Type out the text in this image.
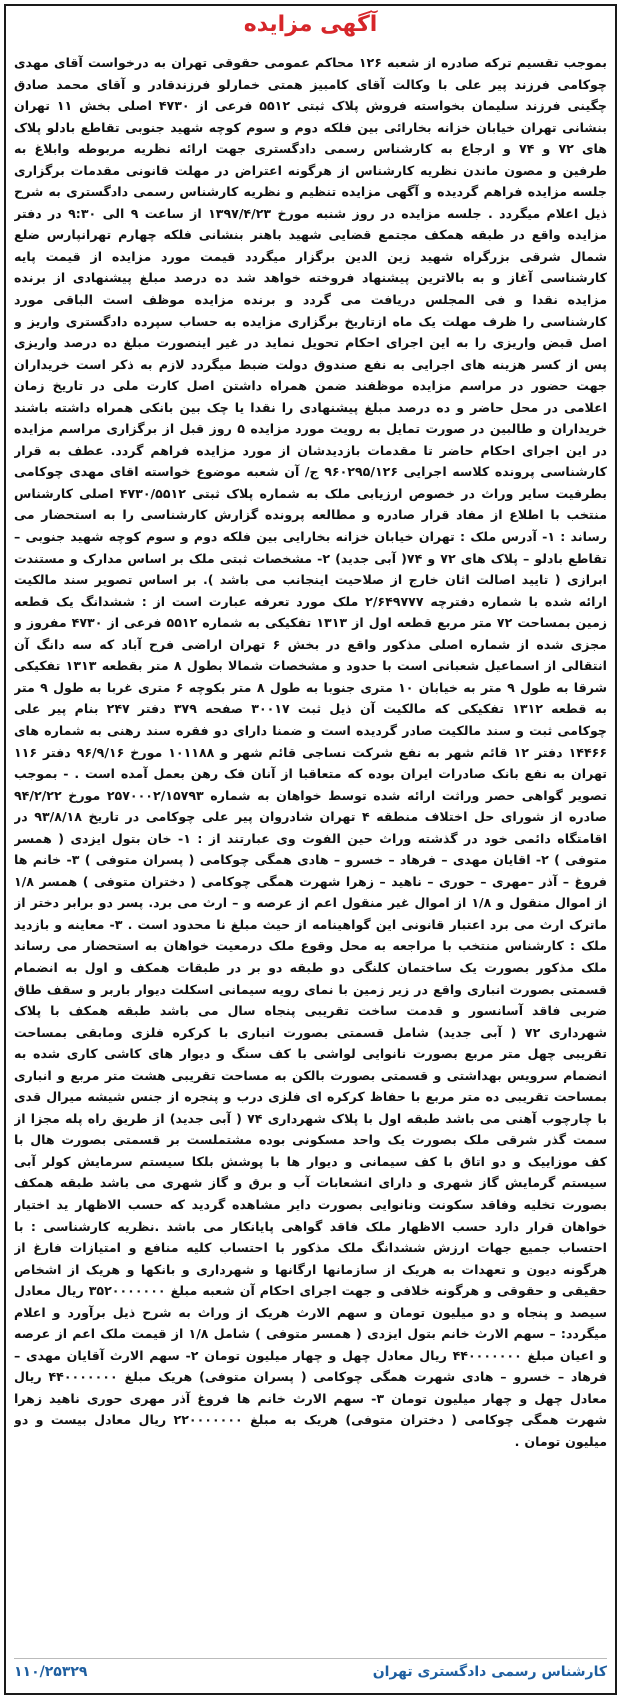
آگهی مزایده
بموجب تقسیم ترکه صادره از شعبه ۱۲۶ محاکم عمومی حقوقی تهران به درخواست آقای مهدی چوکامی فرزند پیر علی با وکالت آقای کامبیز همتی خمارلو فرزندقادر و آقای محمد صادق چگینی فرزند سلیمان بخواسته فروش پلاک ثبتی ۵۵۱۲ فرعی از ۴۷۳۰ اصلی بخش ۱۱ تهران بنشانی تهران خیابان خزانه بخارائی بین فلکه دوم و سوم کوچه شهید جنوبی تقاطع بادلو پلاک های ۷۲ و ۷۴ و ارجاع به کارشناس رسمی دادگستری جهت ارائه نظریه مربوطه وابلاغ به طرفین و مصون ماندن نظریه کارشناس از هرگونه اعتراض در مهلت قانونی مقدمات برگزاری جلسه مزایده فراهم گردیده و آگهی مزایده تنظیم و نظریه کارشناس رسمی دادگستری به شرح ذیل اعلام میگردد . جلسه مزایده در روز شنبه مورخ ۱۳۹۷/۴/۲۳ از ساعت ۹ الی ۹:۳۰ در دفتر مزایده واقع در طبقه همکف مجتمع قضایی شهید باهنر بنشانی فلکه چهارم تهرانپارس ضلع شمال شرقی بزرگراه شهید زین الدین برگزار میگردد قیمت مورد مزایده از قیمت پایه کارشناسی آغاز و به بالاترین پیشنهاد فروخته خواهد شد ده درصد مبلغ پیشنهادی از برنده مزایده نقدا و فی المجلس دریافت می گردد و برنده مزایده موظف است الباقی مورد کارشناسی را ظرف مهلت یک ماه ازتاریخ برگزاری مزایده به حساب سپرده دادگستری واریز و اصل قبض واریزی را به این اجرای احکام تحویل نماید در غیر اینصورت مبلغ ده درصد واریزی پس از کسر هزینه های اجرایی به نفع صندوق دولت ضبط میگردد لازم به ذکر است خریداران جهت حضور در مراسم مزایده موظفند ضمن همراه داشتن اصل کارت ملی در تاریخ زمان اعلامی در محل حاضر و ده درصد مبلغ پیشنهادی را نقدا یا چک بین بانکی همراه داشته باشند خریداران و طالبین در صورت تمایل به رویت مورد مزایده ۵ روز قبل از برگزاری مراسم مزایده در این اجرای احکام حاضر تا مقدمات بازدیدشان از مورد مزایده فراهم گردد. عطف به قرار کارشناسی پرونده کلاسه اجرایی ۹۶۰۲۹۵/۱۲۶ ج/ آن شعبه موضوع خواسته اقای مهدی چوکامی بطرفیت سایر وراث در خصوص ارزیابی ملک به شماره پلاک ثبتی ۴۷۳۰/۵۵۱۲ اصلی کارشناس منتخب با اطلاع از مفاد قرار صادره و مطالعه پرونده گزارش کارشناسی را به استحضار می رساند : ۱- آدرس ملک : تهران خیابان خزانه بخارایی بین فلکه دوم و سوم کوچه شهید جنوبی – تقاطع بادلو – پلاک های ۷۲ و ۷۴( آبی جدید) ۲- مشخصات ثبتی ملک بر اساس مدارک و مستندت ابرازی ( تایید اصالت اثان خارج از صلاحیت اینجانب می باشد ). بر اساس تصویر سند مالکیت ارائه شده با شماره دفترچه ۲/۶۴۹۷۷۷ ملک مورد تعرفه عبارت است از : ششدانگ یک قطعه زمین بمساحت ۷۲ متر مربع قطعه اول از ۱۳۱۳ تفکیکی به شماره ۵۵۱۲ فرعی از ۴۷۳۰ مفروز و مجزی شده از شماره اصلی مذکور واقع در بخش ۶ تهران اراضی فرح آباد که سه دانگ آن انتقالی از اسماعیل شعبانی است با حدود و مشخصات شمالا بطول ۸ متر بقطعه ۱۳۱۳ تفکیکی شرقا به طول ۹ متر به خیابان ۱۰ متری جنوبا به طول ۸ متر بکوچه ۶ متری غربا به طول ۹ متر به قطعه ۱۳۱۲ تفکیکی که مالکیت آن ذیل ثبت ۳۰۰۱۷ صفحه ۳۷۹ دفتر ۲۴۷ بنام پیر علی چوکامی ثبت و سند مالکیت صادر گردیده است و ضمنا دارای دو فقره سند رهنی به شماره های ۱۴۴۶۶ دفتر ۱۲ قائم شهر به نفع شرکت نساجی قائم شهر و ۱۰۱۱۸۸ مورخ ۹۶/۹/۱۶ دفتر ۱۱۶ تهران به نفع بانک صادرات ایران بوده که متعاقبا از آنان فک رهن بعمل آمده است . - بموجب تصویر گواهی حصر وراثت ارائه شده توسط خواهان به شماره ۲۵۷۰۰۰۲/۱۵۷۹۳ مورخ ۹۴/۲/۲۲ صادره از شورای حل اختلاف منطقه ۴ تهران شادروان پیر علی چوکامی در تاریخ ۹۳/۸/۱۸ در اقامتگاه دائمی خود در گذشته وراث حین الفوت وی عبارتند از : ۱- خان بتول ایزدی ( همسر متوفی ) ۲- اقایان مهدی – فرهاد – خسرو – هادی همگی چوکامی ( پسران متوفی ) ۳- خانم ها فروغ – آذر –مهری – حوری – ناهید – زهرا شهرت همگی چوکامی ( دختران متوفی ) همسر ۱/۸ از اموال منقول و ۱/۸ از اموال غیر منقول اعم از عرصه و – ارث می برد. پسر دو برابر دختر از ماترک ارث می برد اعتبار قانونی این گواهینامه از حیث مبلغ نا محدود است . ۳- معاینه و بازدید ملک : کارشناس منتخب با مراجعه به محل وقوع ملک درمعیت خواهان به استحضار می رساند ملک مذکور بصورت یک ساختمان کلنگی دو طبقه دو بر در طبقات همکف و اول به انضمام قسمتی بصورت انباری واقع در زیر زمین با نمای رویه سیمانی اسکلت دیوار باربر و سقف طاق ضربی فاقد آسانسور و قدمت ساخت تقریبی پنجاه سال می باشد طبقه همکف با پلاک شهرداری ۷۲ ( آبی جدید) شامل قسمتی بصورت انباری با کرکره فلزی ومابقی بمساحت تقریبی چهل متر مربع بصورت نانوایی لواشی با کف سنگ و دیوار های کاشی کاری شده به انضمام سرویس بهداشتی و قسمتی بصورت بالکن به مساحت تقریبی هشت متر مربع و انباری بمساحت تقریبی ده متر مربع با حفاظ کرکره ای فلزی درب و پنجره از جنس شیشه میرال قدی با چارچوب آهنی می باشد طبقه اول با پلاک شهرداری ۷۴ ( آبی جدید) از طریق راه پله مجزا از سمت گذر شرقی ملک بصورت یک واحد مسکونی بوده مشتملست بر قسمتی بصورت هال با کف موزاییک و دو اتاق با کف سیمانی و دیوار ها با پوشش بلکا سیستم سرمایش کولر آبی سیستم گرمایش گاز شهری و دارای انشعابات آب و برق و گاز شهری می باشد طبقه همکف بصورت تخلیه وفاقد سکونت ونانوایی بصورت دایر مشاهده گردید که حسب الاظهار ید اختیار خواهان قرار دارد حسب الاظهار ملک فاقد گواهی پایانکار می باشد .نظریه کارشناسی : با احتساب جمیع جهات ارزش ششدانگ ملک مذکور با احتساب کلیه منافع و امتیازات فارغ از هرگونه دیون و تعهدات به هریک از سازمانها ارگانها و شهرداری و بانکها و هریک از اشخاص حقیقی و حقوقی و هرگونه خلافی و جهت اجرای احکام آن شعبه مبلغ ۳۵۲۰۰۰۰۰۰۰ ریال معادل سیصد و پنجاه و دو میلیون تومان و سهم الارث هریک از وراث به شرح ذیل برآورد و اعلام میگردد: – سهم الارث خانم بتول ایزدی ( همسر متوفی ) شامل ۱/۸ از قیمت ملک اعم از عرصه و اعیان مبلغ ۴۴۰۰۰۰۰۰۰ ریال معادل چهل و چهار میلیون تومان ۲- سهم الارث آقایان مهدی – فرهاد – خسرو – هادی شهرت همگی چوکامی ( پسران متوفی) هریک مبلغ ۴۴۰۰۰۰۰۰۰ ریال معادل چهل و چهار میلیون تومان ۳- سهم الارث خانم ها فروغ آذر مهری حوری ناهید زهرا شهرت همگی چوکامی ( دختران متوفی) هریک به مبلغ ۲۲۰۰۰۰۰۰۰ ریال معادل بیست و دو میلیون تومان .
کارشناس رسمی دادگستری تهران
۱۱۰/۲۵۳۲۹
